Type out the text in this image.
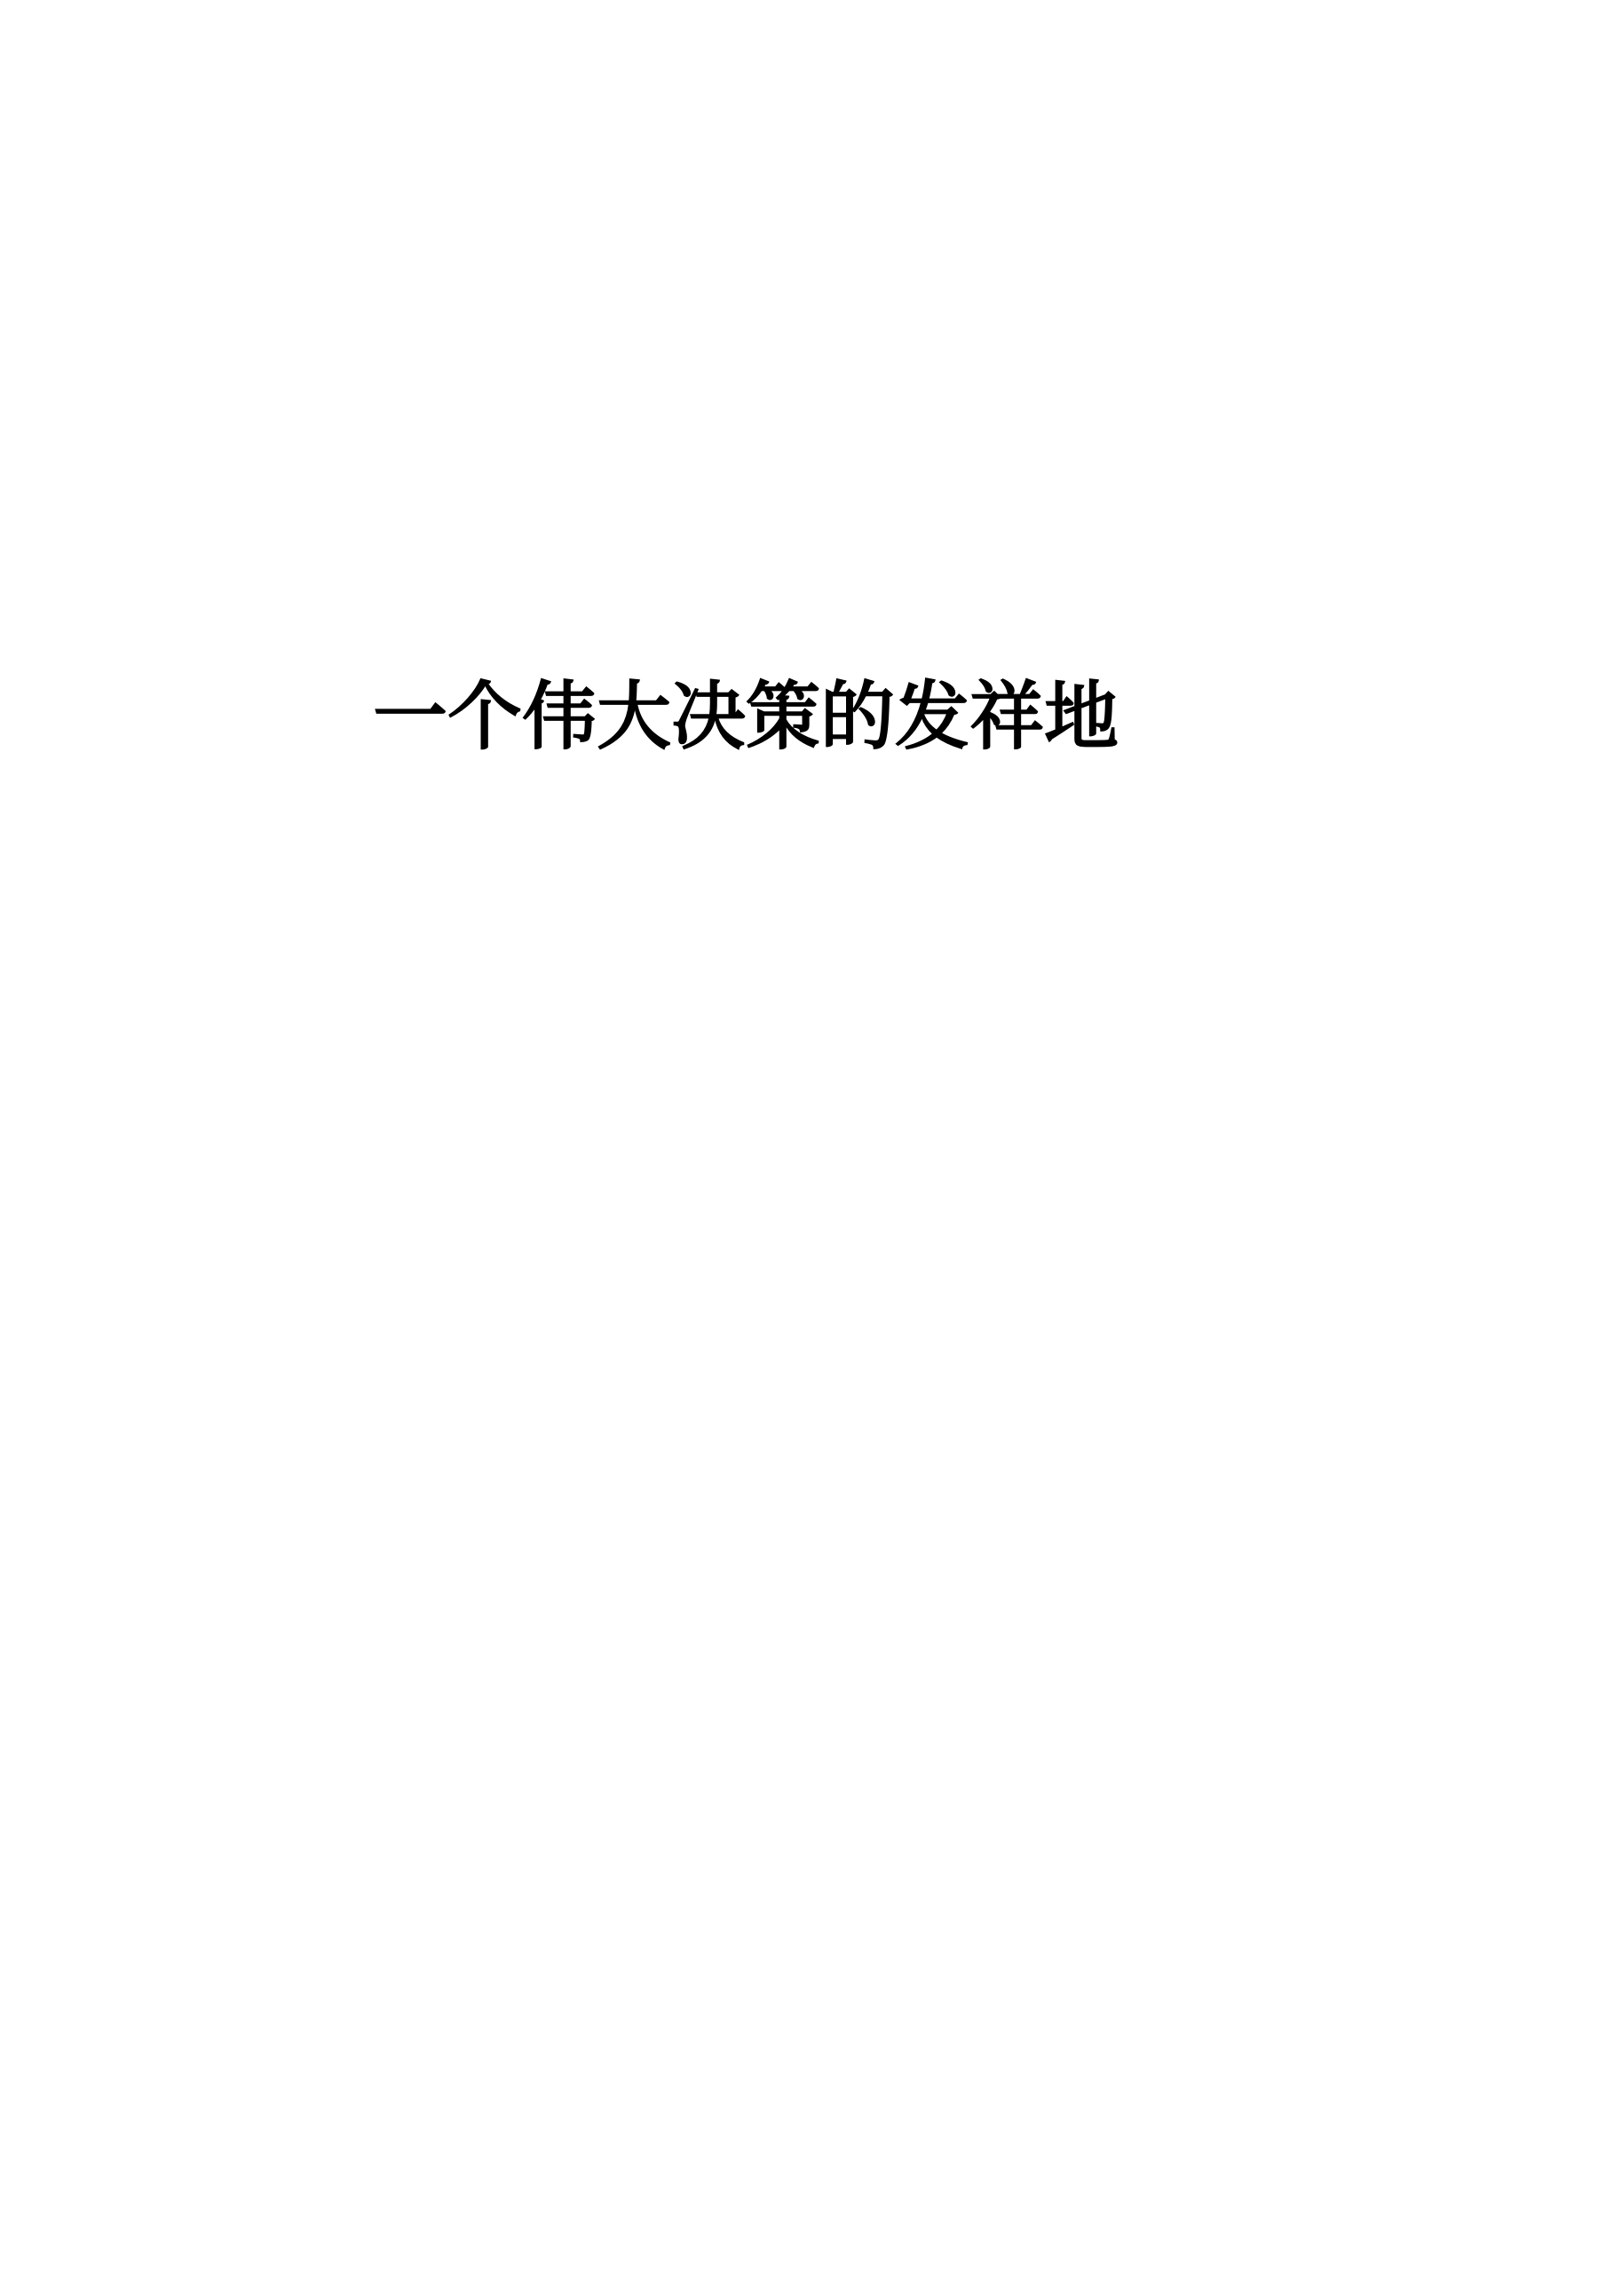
一个伟大决策的发祥地
